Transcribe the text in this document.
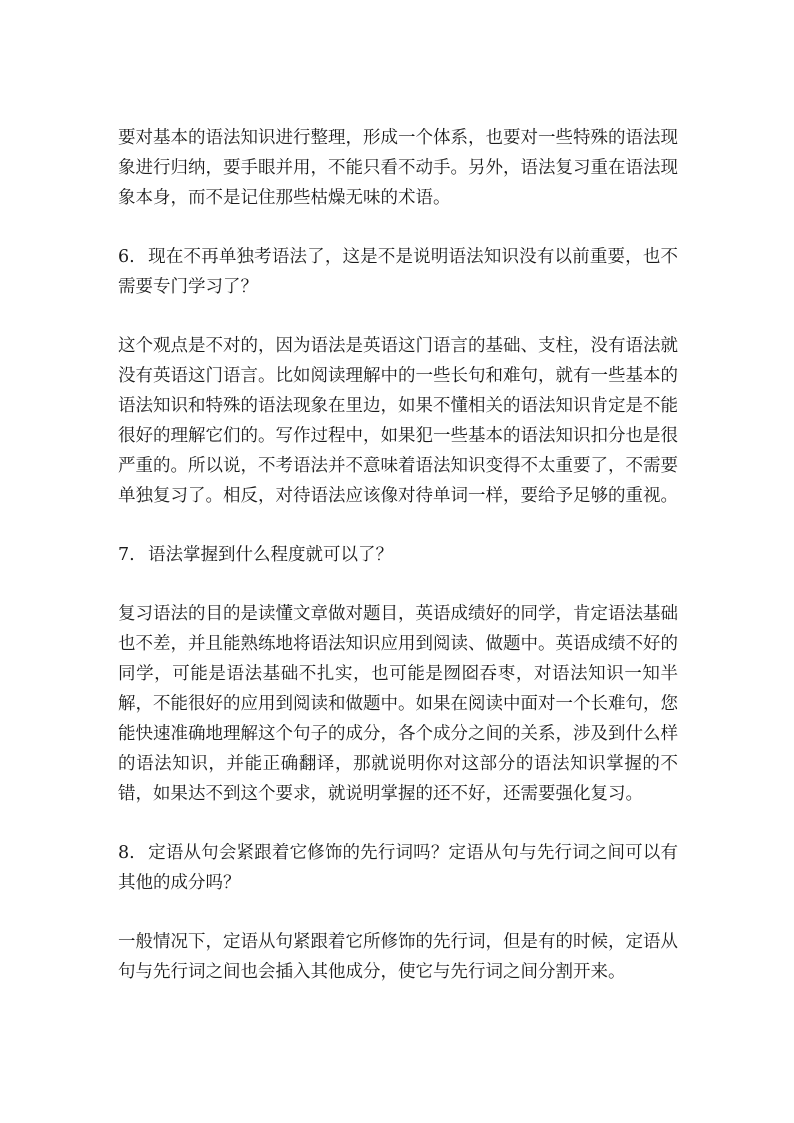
要对基本的语法知识进行整理，形成一个体系，也要对一些特殊的语法现象进行归纳，要手眼并用，不能只看不动手。另外，语法复习重在语法现象本身，而不是记住那些枯燥无味的术语。

6. 现在不再单独考语法了，这是不是说明语法知识没有以前重要，也不需要专门学习了？

这个观点是不对的，因为语法是英语这门语言的基础、支柱，没有语法就没有英语这门语言。比如阅读理解中的一些长句和难句，就有一些基本的语法知识和特殊的语法现象在里边，如果不懂相关的语法知识肯定是不能很好的理解它们的。写作过程中，如果犯一些基本的语法知识扣分也是很严重的。所以说，不考语法并不意味着语法知识变得不太重要了，不需要单独复习了。相反，对待语法应该像对待单词一样，要给予足够的重视。

7. 语法掌握到什么程度就可以了？

复习语法的目的是读懂文章做对题目，英语成绩好的同学，肯定语法基础也不差，并且能熟练地将语法知识应用到阅读、做题中。英语成绩不好的同学，可能是语法基础不扎实，也可能是囫囵吞枣，对语法知识一知半解，不能很好的应用到阅读和做题中。如果在阅读中面对一个长难句，您能快速准确地理解这个句子的成分，各个成分之间的关系，涉及到什么样的语法知识，并能正确翻译，那就说明你对这部分的语法知识掌握的不错，如果达不到这个要求，就说明掌握的还不好，还需要强化复习。

8. 定语从句会紧跟着它修饰的先行词吗？定语从句与先行词之间可以有其他的成分吗？

一般情况下，定语从句紧跟着它所修饰的先行词，但是有的时候，定语从句与先行词之间也会插入其他成分，使它与先行词之间分割开来。
